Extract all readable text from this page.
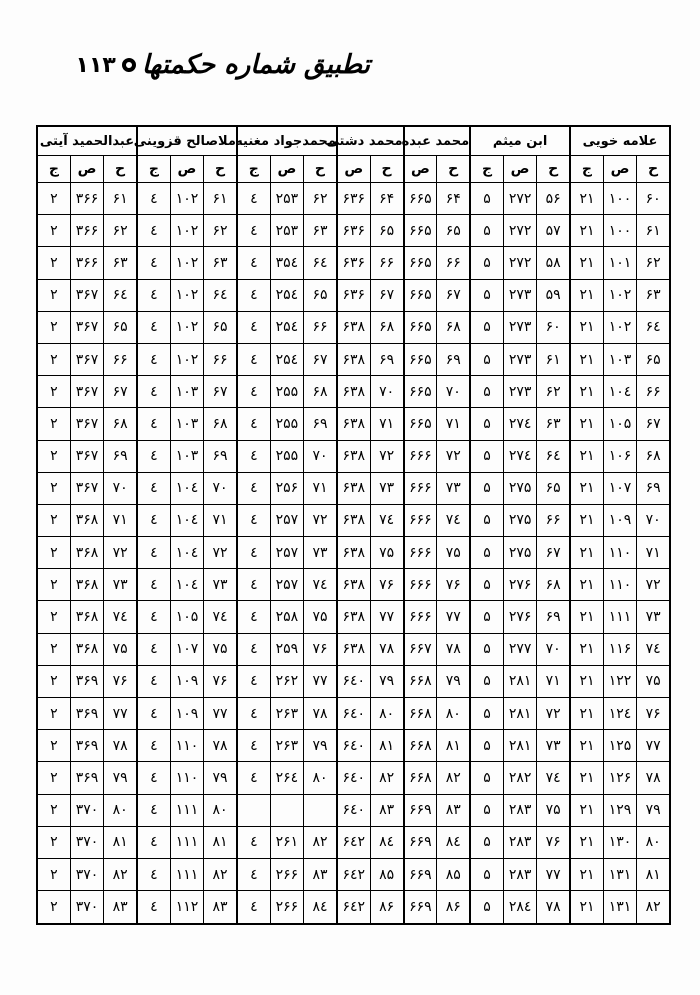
تطبیق شماره حکمتها
۱۱۳
علامه خویی			ابن میثم			محمد عبده		محمد دشتی		محمدجواد مغنیه			ملاصالح قزوینی			عبدالحمید آیتی		
ح	ص	ج	ح	ص	ج	ح	ص	ح	ص	ح	ص	ج	ح	ص	ج	ح	ص	ج
۶۰	۱۰۰	۲۱	۵۶	۲۷۲	۵	۶۴	۶۶۵	۶۴	۶۳۶	۶۲	۲۵۳	٤	۶۱	۱۰۲	٤	۶۱	۳۶۶	۲
۶۱	۱۰۰	۲۱	۵۷	۲۷۲	۵	۶۵	۶۶۵	۶۵	۶۳۶	۶۳	۲۵۳	٤	۶۲	۱۰۲	٤	۶۲	۳۶۶	۲
۶۲	۱۰۱	۲۱	۵۸	۲۷۲	۵	۶۶	۶۶۵	۶۶	۶۳۶	۶٤	۳۵٤	٤	۶۳	۱۰۲	٤	۶۳	۳۶۶	۲
۶۳	۱۰۲	۲۱	۵۹	۲۷۳	۵	۶۷	۶۶۵	۶۷	۶۳۶	۶۵	۲۵٤	٤	۶٤	۱۰۲	٤	۶٤	۳۶۷	۲
۶٤	۱۰۲	۲۱	۶۰	۲۷۳	۵	۶۸	۶۶۵	۶۸	۶۳۸	۶۶	۲۵٤	٤	۶۵	۱۰۲	٤	۶۵	۳۶۷	۲
۶۵	۱۰۳	۲۱	۶۱	۲۷۳	۵	۶۹	۶۶۵	۶۹	۶۳۸	۶۷	۲۵٤	٤	۶۶	۱۰۲	٤	۶۶	۳۶۷	۲
۶۶	۱۰٤	۲۱	۶۲	۲۷۳	۵	۷۰	۶۶۵	۷۰	۶۳۸	۶۸	۲۵۵	٤	۶۷	۱۰۳	٤	۶۷	۳۶۷	۲
۶۷	۱۰۵	۲۱	۶۳	۲۷٤	۵	۷۱	۶۶۵	۷۱	۶۳۸	۶۹	۲۵۵	٤	۶۸	۱۰۳	٤	۶۸	۳۶۷	۲
۶۸	۱۰۶	۲۱	۶٤	۲۷٤	۵	۷۲	۶۶۶	۷۲	۶۳۸	۷۰	۲۵۵	٤	۶۹	۱۰۳	٤	۶۹	۳۶۷	۲
۶۹	۱۰۷	۲۱	۶۵	۲۷۵	۵	۷۳	۶۶۶	۷۳	۶۳۸	۷۱	۲۵۶	٤	۷۰	۱۰٤	٤	۷۰	۳۶۷	۲
۷۰	۱۰۹	۲۱	۶۶	۲۷۵	۵	۷٤	۶۶۶	۷٤	۶۳۸	۷۲	۲۵۷	٤	۷۱	۱۰٤	٤	۷۱	۳۶۸	۲
۷۱	۱۱۰	۲۱	۶۷	۲۷۵	۵	۷۵	۶۶۶	۷۵	۶۳۸	۷۳	۲۵۷	٤	۷۲	۱۰٤	٤	۷۲	۳۶۸	۲
۷۲	۱۱۰	۲۱	۶۸	۲۷۶	۵	۷۶	۶۶۶	۷۶	۶۳۸	۷٤	۲۵۷	٤	۷۳	۱۰٤	٤	۷۳	۳۶۸	۲
۷۳	۱۱۱	۲۱	۶۹	۲۷۶	۵	۷۷	۶۶۶	۷۷	۶۳۸	۷۵	۲۵۸	٤	۷٤	۱۰۵	٤	۷٤	۳۶۸	۲
۷٤	۱۱۶	۲۱	۷۰	۲۷۷	۵	۷۸	۶۶۷	۷۸	۶۳۸	۷۶	۲۵۹	٤	۷۵	۱۰۷	٤	۷۵	۳۶۸	۲
۷۵	۱۲۲	۲۱	۷۱	۲۸۱	۵	۷۹	۶۶۸	۷۹	۶٤۰	۷۷	۲۶۲	٤	۷۶	۱۰۹	٤	۷۶	۳۶۹	۲
۷۶	۱۲٤	۲۱	۷۲	۲۸۱	۵	۸۰	۶۶۸	۸۰	۶٤۰	۷۸	۲۶۳	٤	۷۷	۱۰۹	٤	۷۷	۳۶۹	۲
۷۷	۱۲۵	۲۱	۷۳	۲۸۱	۵	۸۱	۶۶۸	۸۱	۶٤۰	۷۹	۲۶۳	٤	۷۸	۱۱۰	٤	۷۸	۳۶۹	۲
۷۸	۱۲۶	۲۱	۷٤	۲۸۲	۵	۸۲	۶۶۸	۸۲	۶٤۰	۸۰	۲۶٤	٤	۷۹	۱۱۰	٤	۷۹	۳۶۹	۲
۷۹	۱۲۹	۲۱	۷۵	۲۸۳	۵	۸۳	۶۶۹	۸۳	۶٤۰				۸۰	۱۱۱	٤	۸۰	۳۷۰	۲
۸۰	۱۳۰	۲۱	۷۶	۲۸۳	۵	۸٤	۶۶۹	۸٤	۶٤۲	۸۲	۲۶۱	٤	۸۱	۱۱۱	٤	۸۱	۳۷۰	۲
۸۱	۱۳۱	۲۱	۷۷	۲۸۳	۵	۸۵	۶۶۹	۸۵	۶٤۲	۸۳	۲۶۶	٤	۸۲	۱۱۱	٤	۸۲	۳۷۰	۲
۸۲	۱۳۱	۲۱	۷۸	۲۸٤	۵	۸۶	۶۶۹	۸۶	۶٤۲	۸٤	۲۶۶	٤	۸۳	۱۱۲	٤	۸۳	۳۷۰	۲
